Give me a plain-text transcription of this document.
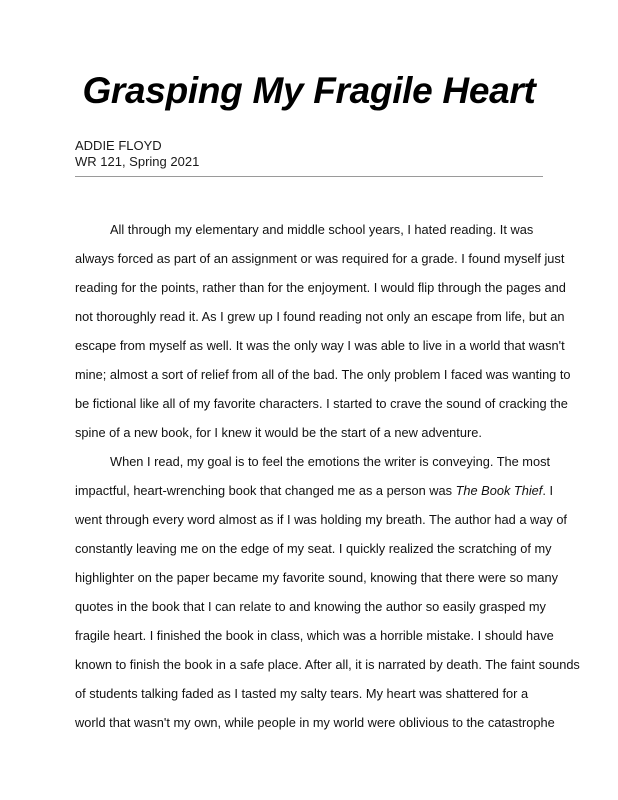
Grasping My Fragile Heart
ADDIE FLOYD
WR 121, Spring 2021
All through my elementary and middle school years, I hated reading. It was
always forced as part of an assignment or was required for a grade. I found myself just
reading for the points, rather than for the enjoyment. I would flip through the pages and
not thoroughly read it. As I grew up I found reading not only an escape from life, but an
escape from myself as well. It was the only way I was able to live in a world that wasn't
mine; almost a sort of relief from all of the bad. The only problem I faced was wanting to
be fictional like all of my favorite characters. I started to crave the sound of cracking the
spine of a new book, for I knew it would be the start of a new adventure.
When I read, my goal is to feel the emotions the writer is conveying. The most
impactful, heart-wrenching book that changed me as a person was The Book Thief. I
went through every word almost as if I was holding my breath. The author had a way of
constantly leaving me on the edge of my seat. I quickly realized the scratching of my
highlighter on the paper became my favorite sound, knowing that there were so many
quotes in the book that I can relate to and knowing the author so easily grasped my
fragile heart. I finished the book in class, which was a horrible mistake. I should have
known to finish the book in a safe place. After all, it is narrated by death. The faint sounds
of students talking faded as I tasted my salty tears. My heart was shattered for a
world that wasn't my own, while people in my world were oblivious to the catastrophe
